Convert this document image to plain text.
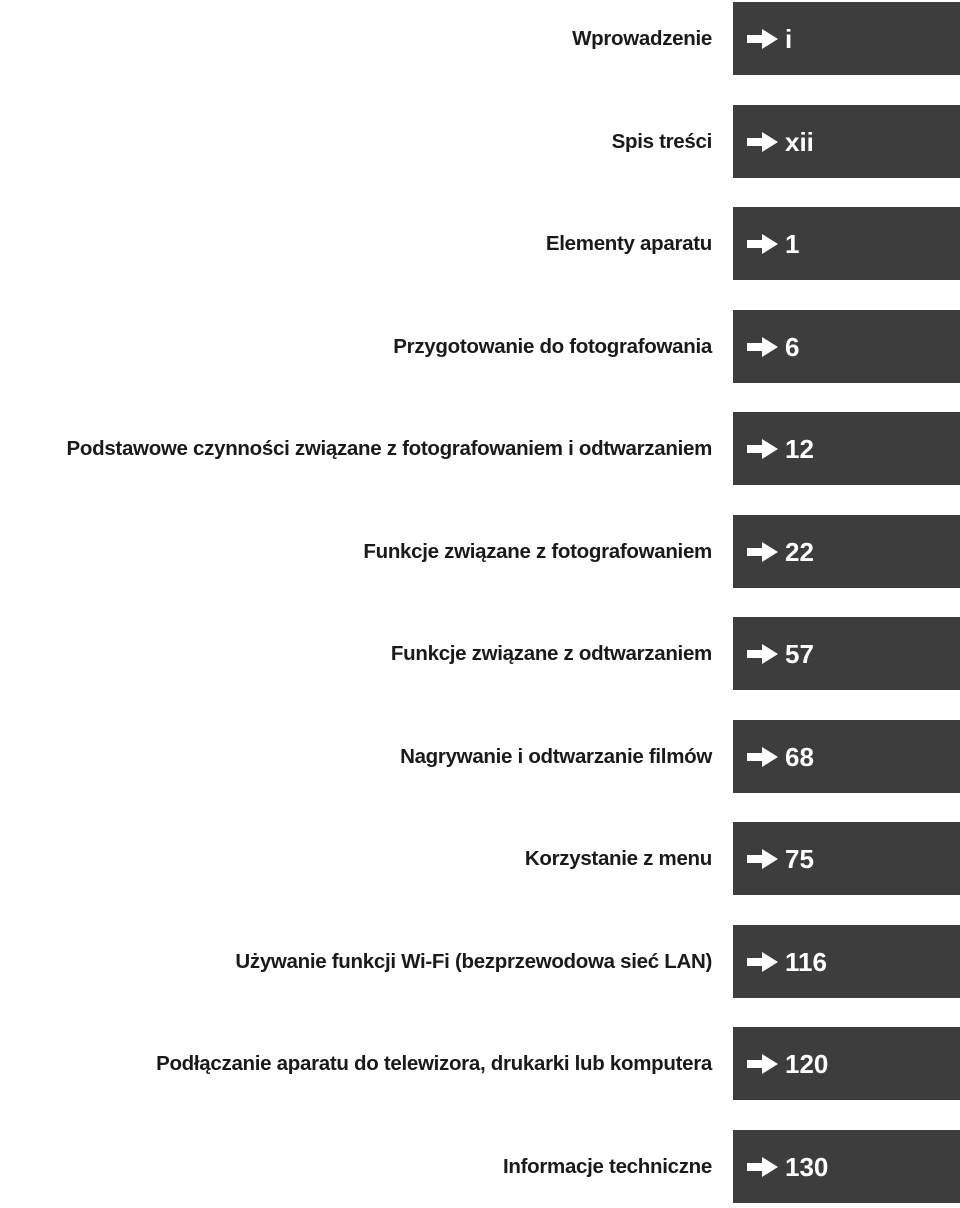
Wprowadzenie	i
Spis treści	xii
Elementy aparatu	1
Przygotowanie do fotografowania	6
Podstawowe czynności związane z fotografowaniem i odtwarzaniem	12
Funkcje związane z fotografowaniem	22
Funkcje związane z odtwarzaniem	57
Nagrywanie i odtwarzanie filmów	68
Korzystanie z menu	75
Używanie funkcji Wi-Fi (bezprzewodowa sieć LAN)	116
Podłączanie aparatu do telewizora, drukarki lub komputera	120
Informacje techniczne	130
